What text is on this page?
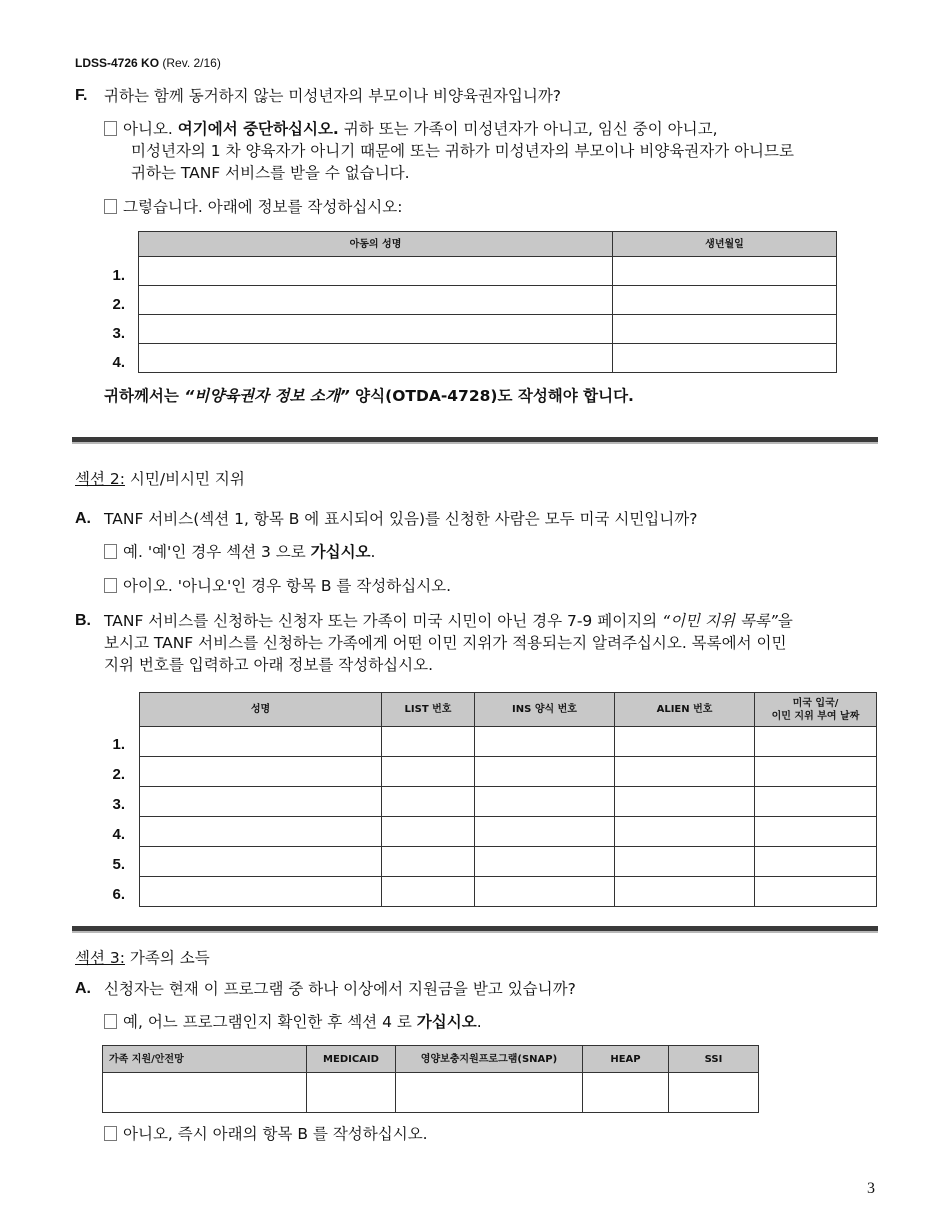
LDSS-4726 KO (Rev. 2/16)
F. 귀하는 함께 동거하지 않는 미성년자의 부모이나 비양육권자입니까?
아니오. 여기에서 중단하십시오. 귀하 또는 가족이 미성년자가 아니고, 임신 중이 아니고,
미성년자의 1 차 양육자가 아니기 때문에 또는 귀하가 미성년자의 부모이나 비양육권자가 아니므로
귀하는 TANF 서비스를 받을 수 없습니다.
그렇습니다. 아래에 정보를 작성하십시오:
아동의 성명	생년월일

1.
2.
3.
4.
귀하께서는 “비양육권자 정보 소개” 양식(OTDA-4728)도 작성해야 합니다.
섹션 2: 시민/비시민 지위
A. TANF 서비스(섹션 1, 항목 B 에 표시되어 있음)를 신청한 사람은 모두 미국 시민입니까?
예. '예'인 경우 섹션 3 으로 가십시오.
아이오. '아니오'인 경우 항목 B 를 작성하십시오.
B. TANF 서비스를 신청하는 신청자 또는 가족이 미국 시민이 아닌 경우 7-9 페이지의 “이민 지위 목록”을
보시고 TANF 서비스를 신청하는 가족에게 어떤 이민 지위가 적용되는지 알려주십시오. 목록에서 이민
지위 번호를 입력하고 아래 정보를 작성하십시오.
성명	LIST 번호	INS 양식 번호	ALIEN 번호	미국 입국/
이민 지위 부여 날짜

1.
2.
3.
4.
5.
6.
섹션 3: 가족의 소득
A. 신청자는 현재 이 프로그램 중 하나 이상에서 지원금을 받고 있습니까?
예, 어느 프로그램인지 확인한 후 섹션 4 로 가십시오.
가족 지원/안전망	MEDICAID	영양보충지원프로그램(SNAP)	HEAP	SSI

아니오, 즉시 아래의 항목 B 를 작성하십시오.
3
